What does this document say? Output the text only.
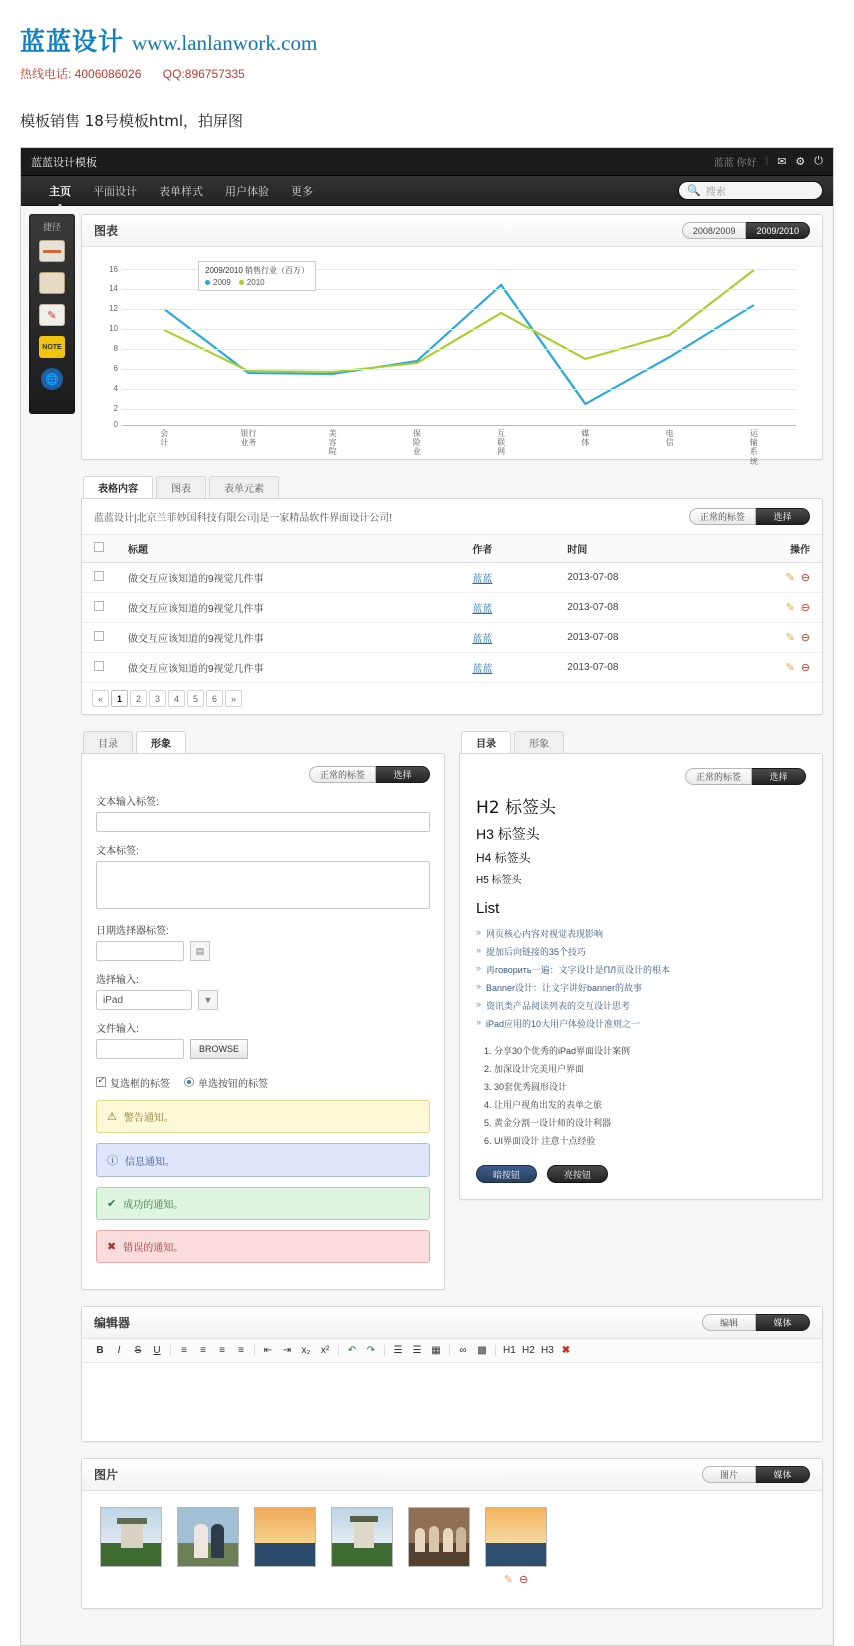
蓝蓝设计 www.lanlanwork.com
热线电话: 4006086026 QQ:896757335
模板销售 18号模板html，拍屏图
蓝蓝设计模板	蓝蓝 你好 | ✉ ⚙ ⏻
主页 平面设计 表单样式 用户体验 更多	🔍 搜索
捷径
✎
NOTE
🌐
图表	2008/2009	2009/2010
2009/2010 销售行业（百万）
2009 2010
16
14
12
10
8
6
4
2
0
会
计
银行
业务
美
容
院
保
险
业
互
联
网
媒
体
电
信
运
输
系
统
表格内容	图表	表单元素
蓝蓝设计|北京兰菲妙国科技有限公司|是一家精品软件界面设计公司!	正常的标签	选择
	标题	作者	时间	操作
	做交互应该知道的9视觉几件事	蓝蓝	2013-07-08	✎ ⊖

	做交互应该知道的9视觉几件事	蓝蓝	2013-07-08	✎ ⊖

	做交互应该知道的9视觉几件事	蓝蓝	2013-07-08	✎ ⊖

	做交互应该知道的9视觉几件事	蓝蓝	2013-07-08	✎ ⊖
«	1	2	3	4	5	6	»
目录	形象
正常的标签	选择
文本输入标签:
文本标签:
日期选择器标签:
▤
选择输入:
iPad	▼
文件输入:
BROWSE
✓复选框的标签	单选按钮的标签
⚠ 警告通知。
ⓘ 信息通知。
✔ 成功的通知。
✖ 错误的通知。
目录	形象
正常的标签	选择
H2 标签头
H3 标签头
H4 标签头
H5 标签头
List
» 网页核心内容对视觉表现影响
» 提加后向链接的35个技巧
» 再говорить一遍：文字设计是ПЛ页设计的根本
» Banner设计：让文字讲好banner的故事
» 资讯类产品阅读列表的交互设计思考
» iPad应用的10大用户体验设计准则之一
1. 分享30个优秀的iPad界面设计案例
2. 加深设计完美用户界面
3. 30套优秀圆形设计
4. 让用户视角出发的表单之旅
5. 黄金分割一设计师的设计利器
6. UI界面设计 注意十点经验
暗按钮	亮按钮
编辑器	编辑	媒体
B	I	S U	≡	≡	≡	≡	⇤ ⇥ x₂ x² ↶ ↷ ☰ ☰ ▦ ∞ ▩ H1 H2 H3 ✖
图片	图片	媒体
✎ ⊖
